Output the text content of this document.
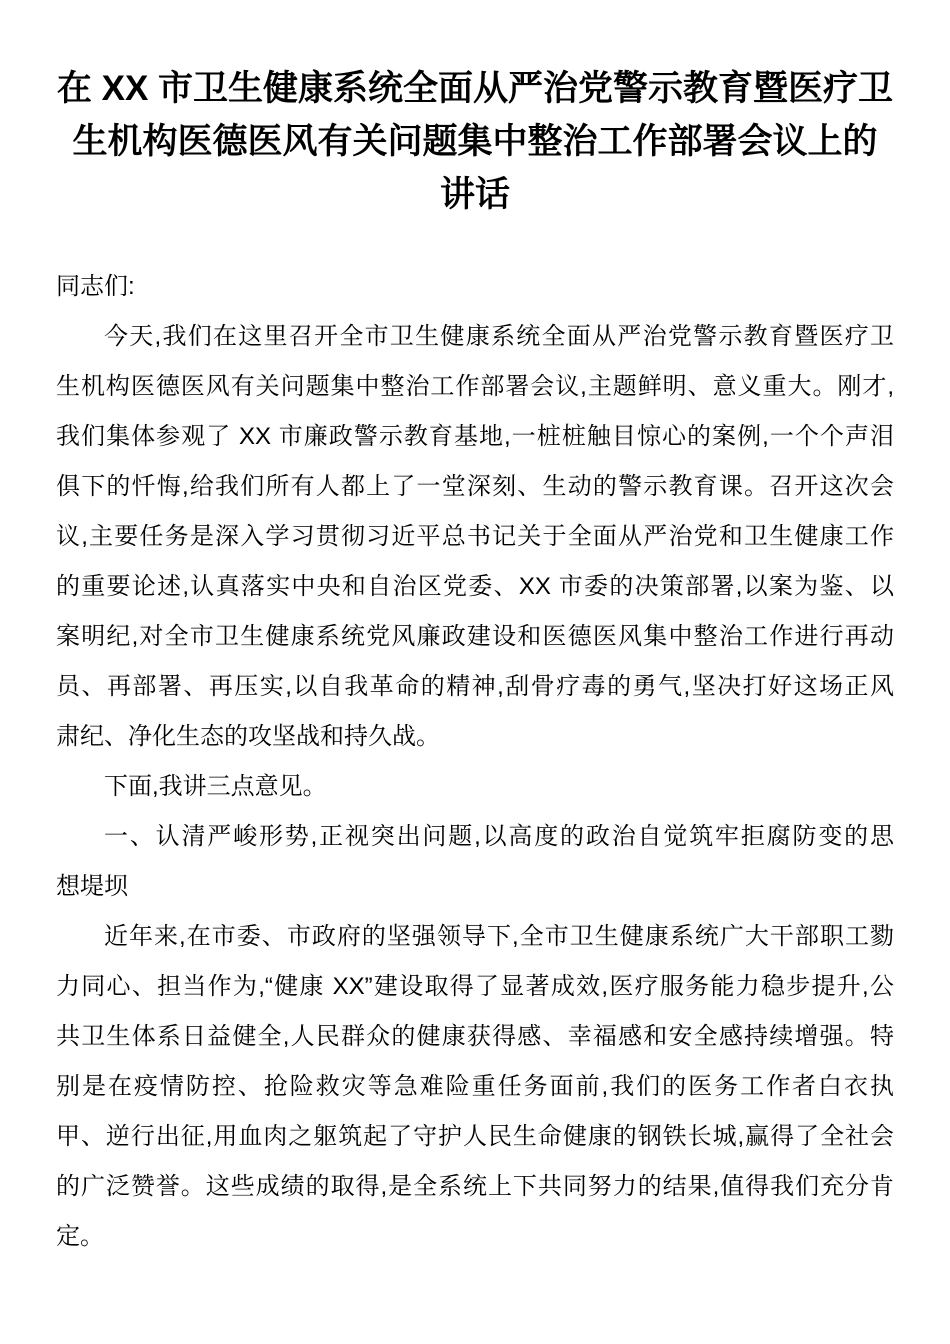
在 XX 市卫生健康系统全面从严治党警示教育暨医疗卫
生机构医德医风有关问题集中整治工作部署会议上的
讲话
同志们:
今天,我们在这里召开全市卫生健康系统全面从严治党警示教育暨医疗卫
生机构医德医风有关问题集中整治工作部署会议,主题鲜明、意义重大。刚才,
我们集体参观了 XX 市廉政警示教育基地,一桩桩触目惊心的案例,一个个声泪
俱下的忏悔,给我们所有人都上了一堂深刻、生动的警示教育课。召开这次会
议,主要任务是深入学习贯彻习近平总书记关于全面从严治党和卫生健康工作
的重要论述,认真落实中央和自治区党委、XX 市委的决策部署,以案为鉴、以
案明纪,对全市卫生健康系统党风廉政建设和医德医风集中整治工作进行再动
员、再部署、再压实,以自我革命的精神,刮骨疗毒的勇气,坚决打好这场正风
肃纪、净化生态的攻坚战和持久战。
下面,我讲三点意见。
一、认清严峻形势,正视突出问题,以高度的政治自觉筑牢拒腐防变的思
想堤坝
近年来,在市委、市政府的坚强领导下,全市卫生健康系统广大干部职工勠
力同心、担当作为,“健康 XX”建设取得了显著成效,医疗服务能力稳步提升,公
共卫生体系日益健全,人民群众的健康获得感、幸福感和安全感持续增强。特
别是在疫情防控、抢险救灾等急难险重任务面前,我们的医务工作者白衣执
甲、逆行出征,用血肉之躯筑起了守护人民生命健康的钢铁长城,赢得了全社会
的广泛赞誉。这些成绩的取得,是全系统上下共同努力的结果,值得我们充分肯
定。
